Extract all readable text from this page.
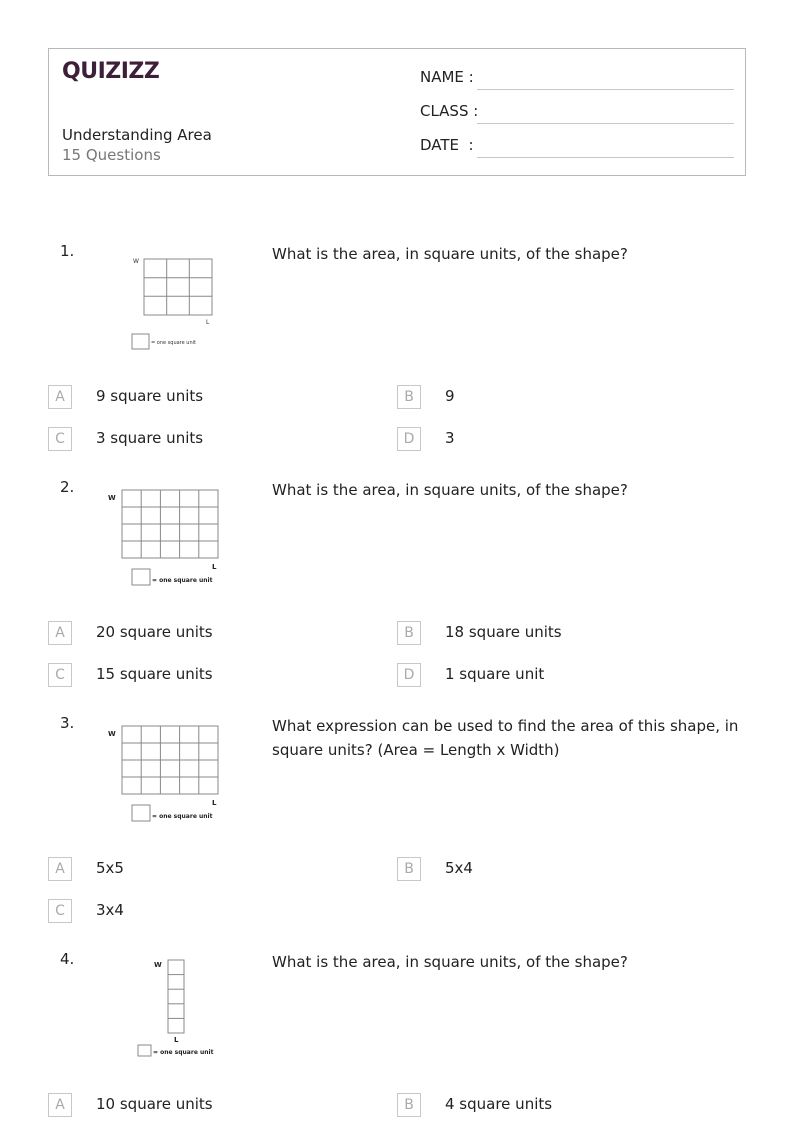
QUIZIZZ
Understanding Area
15 Questions
NAME :
CLASS :
DATE  :
1.
W
L
= one square unit
What is the area, in square units, of the shape?
A	9 square units	B	9
C	3 square units	D	3
2.
W
L
= one square unit
What is the area, in square units, of the shape?
A	20 square units	B	18 square units
C	15 square units	D	1 square unit
3.
W
L
= one square unit
What expression can be used to find the area of this shape, in square units? (Area = Length x Width)
A	5x5	B	5x4
C	3x4
4.	W
L
= one square unit
What is the area, in square units, of the shape?
A	10 square units	B	4 square units
